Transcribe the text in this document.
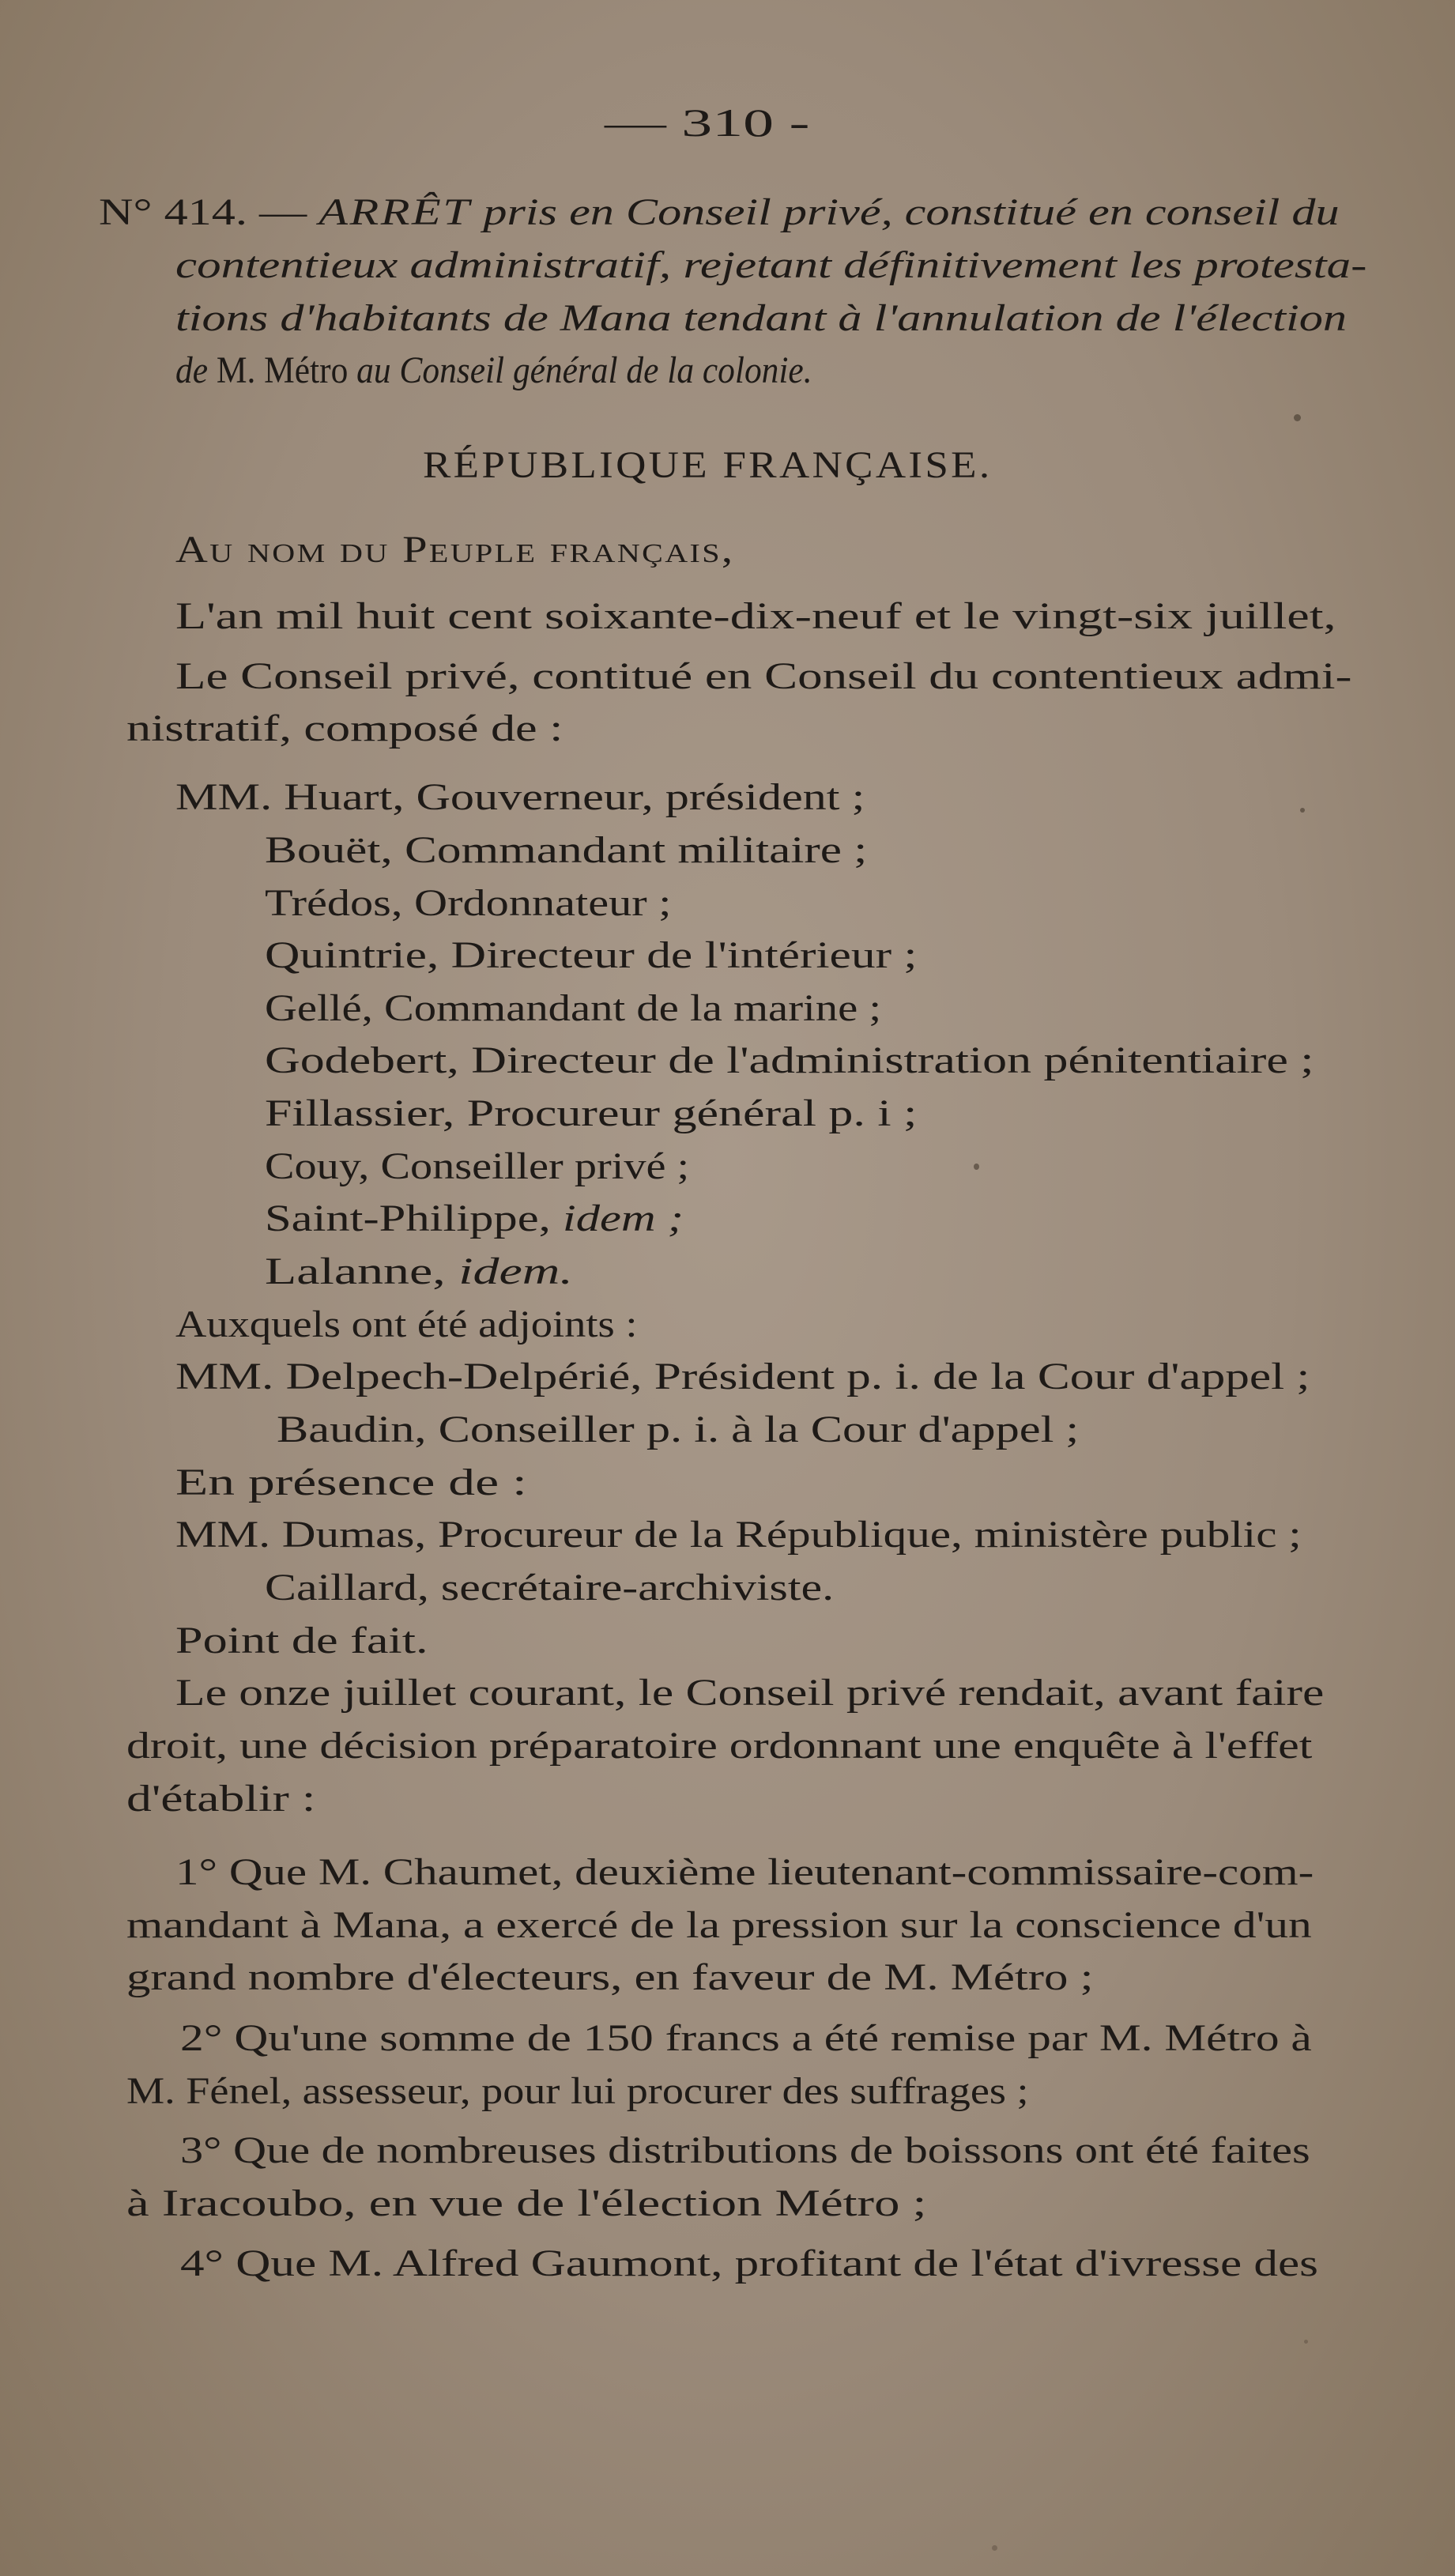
— 310 -
N° 414. — ARRÊT pris en Conseil privé, constitué en conseil du
contentieux administratif, rejetant définitivement les protesta-
tions d'habitants de Mana tendant à l'annulation de l'élection
de M. Métro au Conseil général de la colonie.
RÉPUBLIQUE FRANÇAISE.
Au nom du Peuple français,
L'an mil huit cent soixante-dix-neuf et le vingt-six juillet,
Le Conseil privé, contitué en Conseil du contentieux admi-
nistratif, composé de :
MM. Huart, Gouverneur, président ;
Bouët, Commandant militaire ;
Trédos, Ordonnateur ;
Quintrie, Directeur de l'intérieur ;
Gellé, Commandant de la marine ;
Godebert, Directeur de l'administration pénitentiaire ;
Fillassier, Procureur général p. i ;
Couy, Conseiller privé ;
Saint-Philippe, idem ;
Lalanne, idem.
Auxquels ont été adjoints :
MM. Delpech-Delpérié, Président p. i. de la Cour d'appel ;
Baudin, Conseiller p. i. à la Cour d'appel ;
En présence de :
MM. Dumas, Procureur de la République, ministère public ;
Caillard, secrétaire-archiviste.
Point de fait.
Le onze juillet courant, le Conseil privé rendait, avant faire
droit, une décision préparatoire ordonnant une enquête à l'effet
d'établir :
1° Que M. Chaumet, deuxième lieutenant-commissaire-com-
mandant à Mana, a exercé de la pression sur la conscience d'un
grand nombre d'électeurs, en faveur de M. Métro ;
2° Qu'une somme de 150 francs a été remise par M. Métro à
M. Fénel, assesseur, pour lui procurer des suffrages ;
3° Que de nombreuses distributions de boissons ont été faites
à Iracoubo, en vue de l'élection Métro ;
4° Que M. Alfred Gaumont, profitant de l'état d'ivresse des
